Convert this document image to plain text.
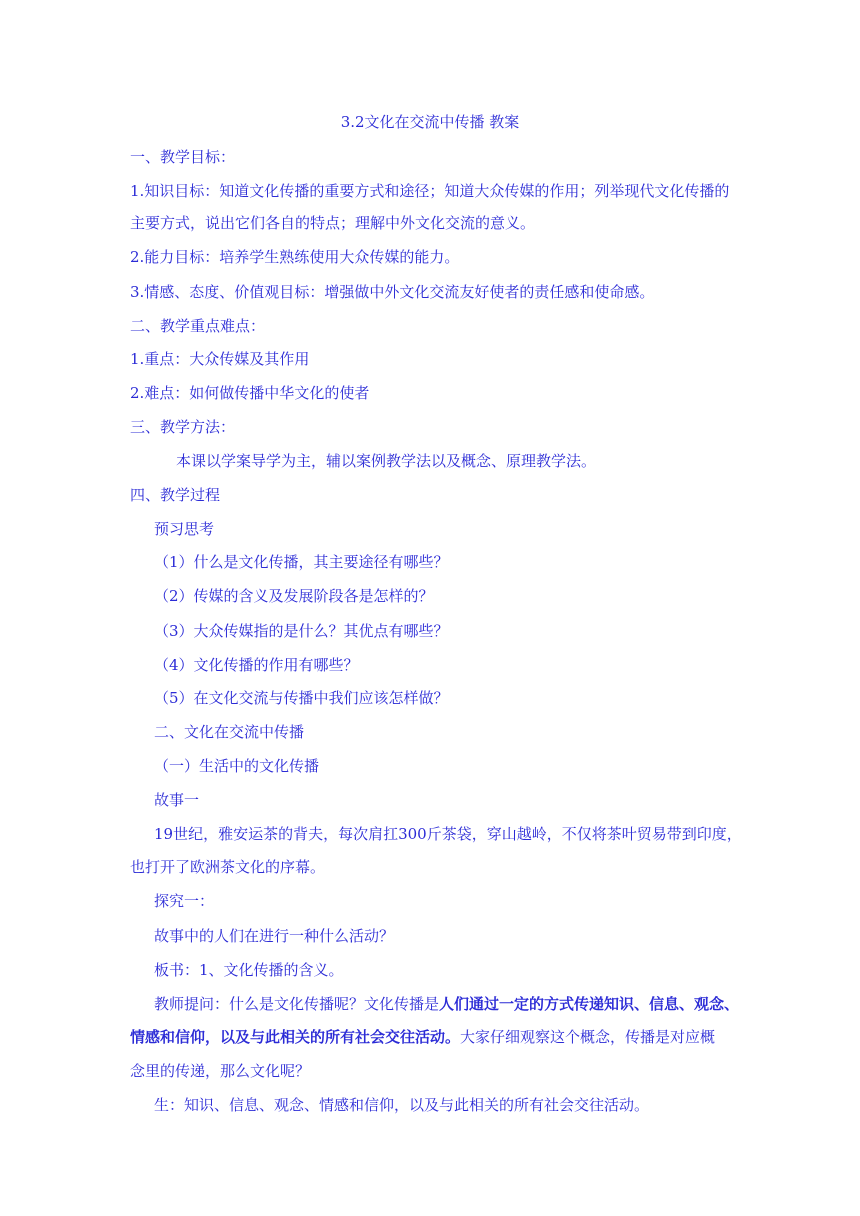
3.2文化在交流中传播 教案
一、教学目标：
1.知识目标：知道文化传播的重要方式和途径；知道大众传媒的作用；列举现代文化传播的
主要方式，说出它们各自的特点；理解中外文化交流的意义。
2.能力目标：培养学生熟练使用大众传媒的能力。
3.情感、态度、价值观目标：增强做中外文化交流友好使者的责任感和使命感。
二、教学重点难点：
1.重点：大众传媒及其作用
2.难点：如何做传播中华文化的使者
三、教学方法：
本课以学案导学为主，辅以案例教学法以及概念、原理教学法。
四、教学过程
预习思考
（1）什么是文化传播，其主要途径有哪些？
（2）传媒的含义及发展阶段各是怎样的？
（3）大众传媒指的是什么？其优点有哪些？
（4）文化传播的作用有哪些？
（5）在文化交流与传播中我们应该怎样做？
二、文化在交流中传播
（一）生活中的文化传播
故事一
19世纪，雅安运茶的背夫，每次肩扛300斤茶袋，穿山越岭，不仅将茶叶贸易带到印度，
也打开了欧洲茶文化的序幕。
探究一：
故事中的人们在进行一种什么活动？
板书：1、文化传播的含义。
教师提问：什么是文化传播呢？文化传播是人们通过一定的方式传递知识、信息、观念、
情感和信仰，以及与此相关的所有社会交往活动。大家仔细观察这个概念，传播是对应概
念里的传递，那么文化呢？
生：知识、信息、观念、情感和信仰，以及与此相关的所有社会交往活动。
